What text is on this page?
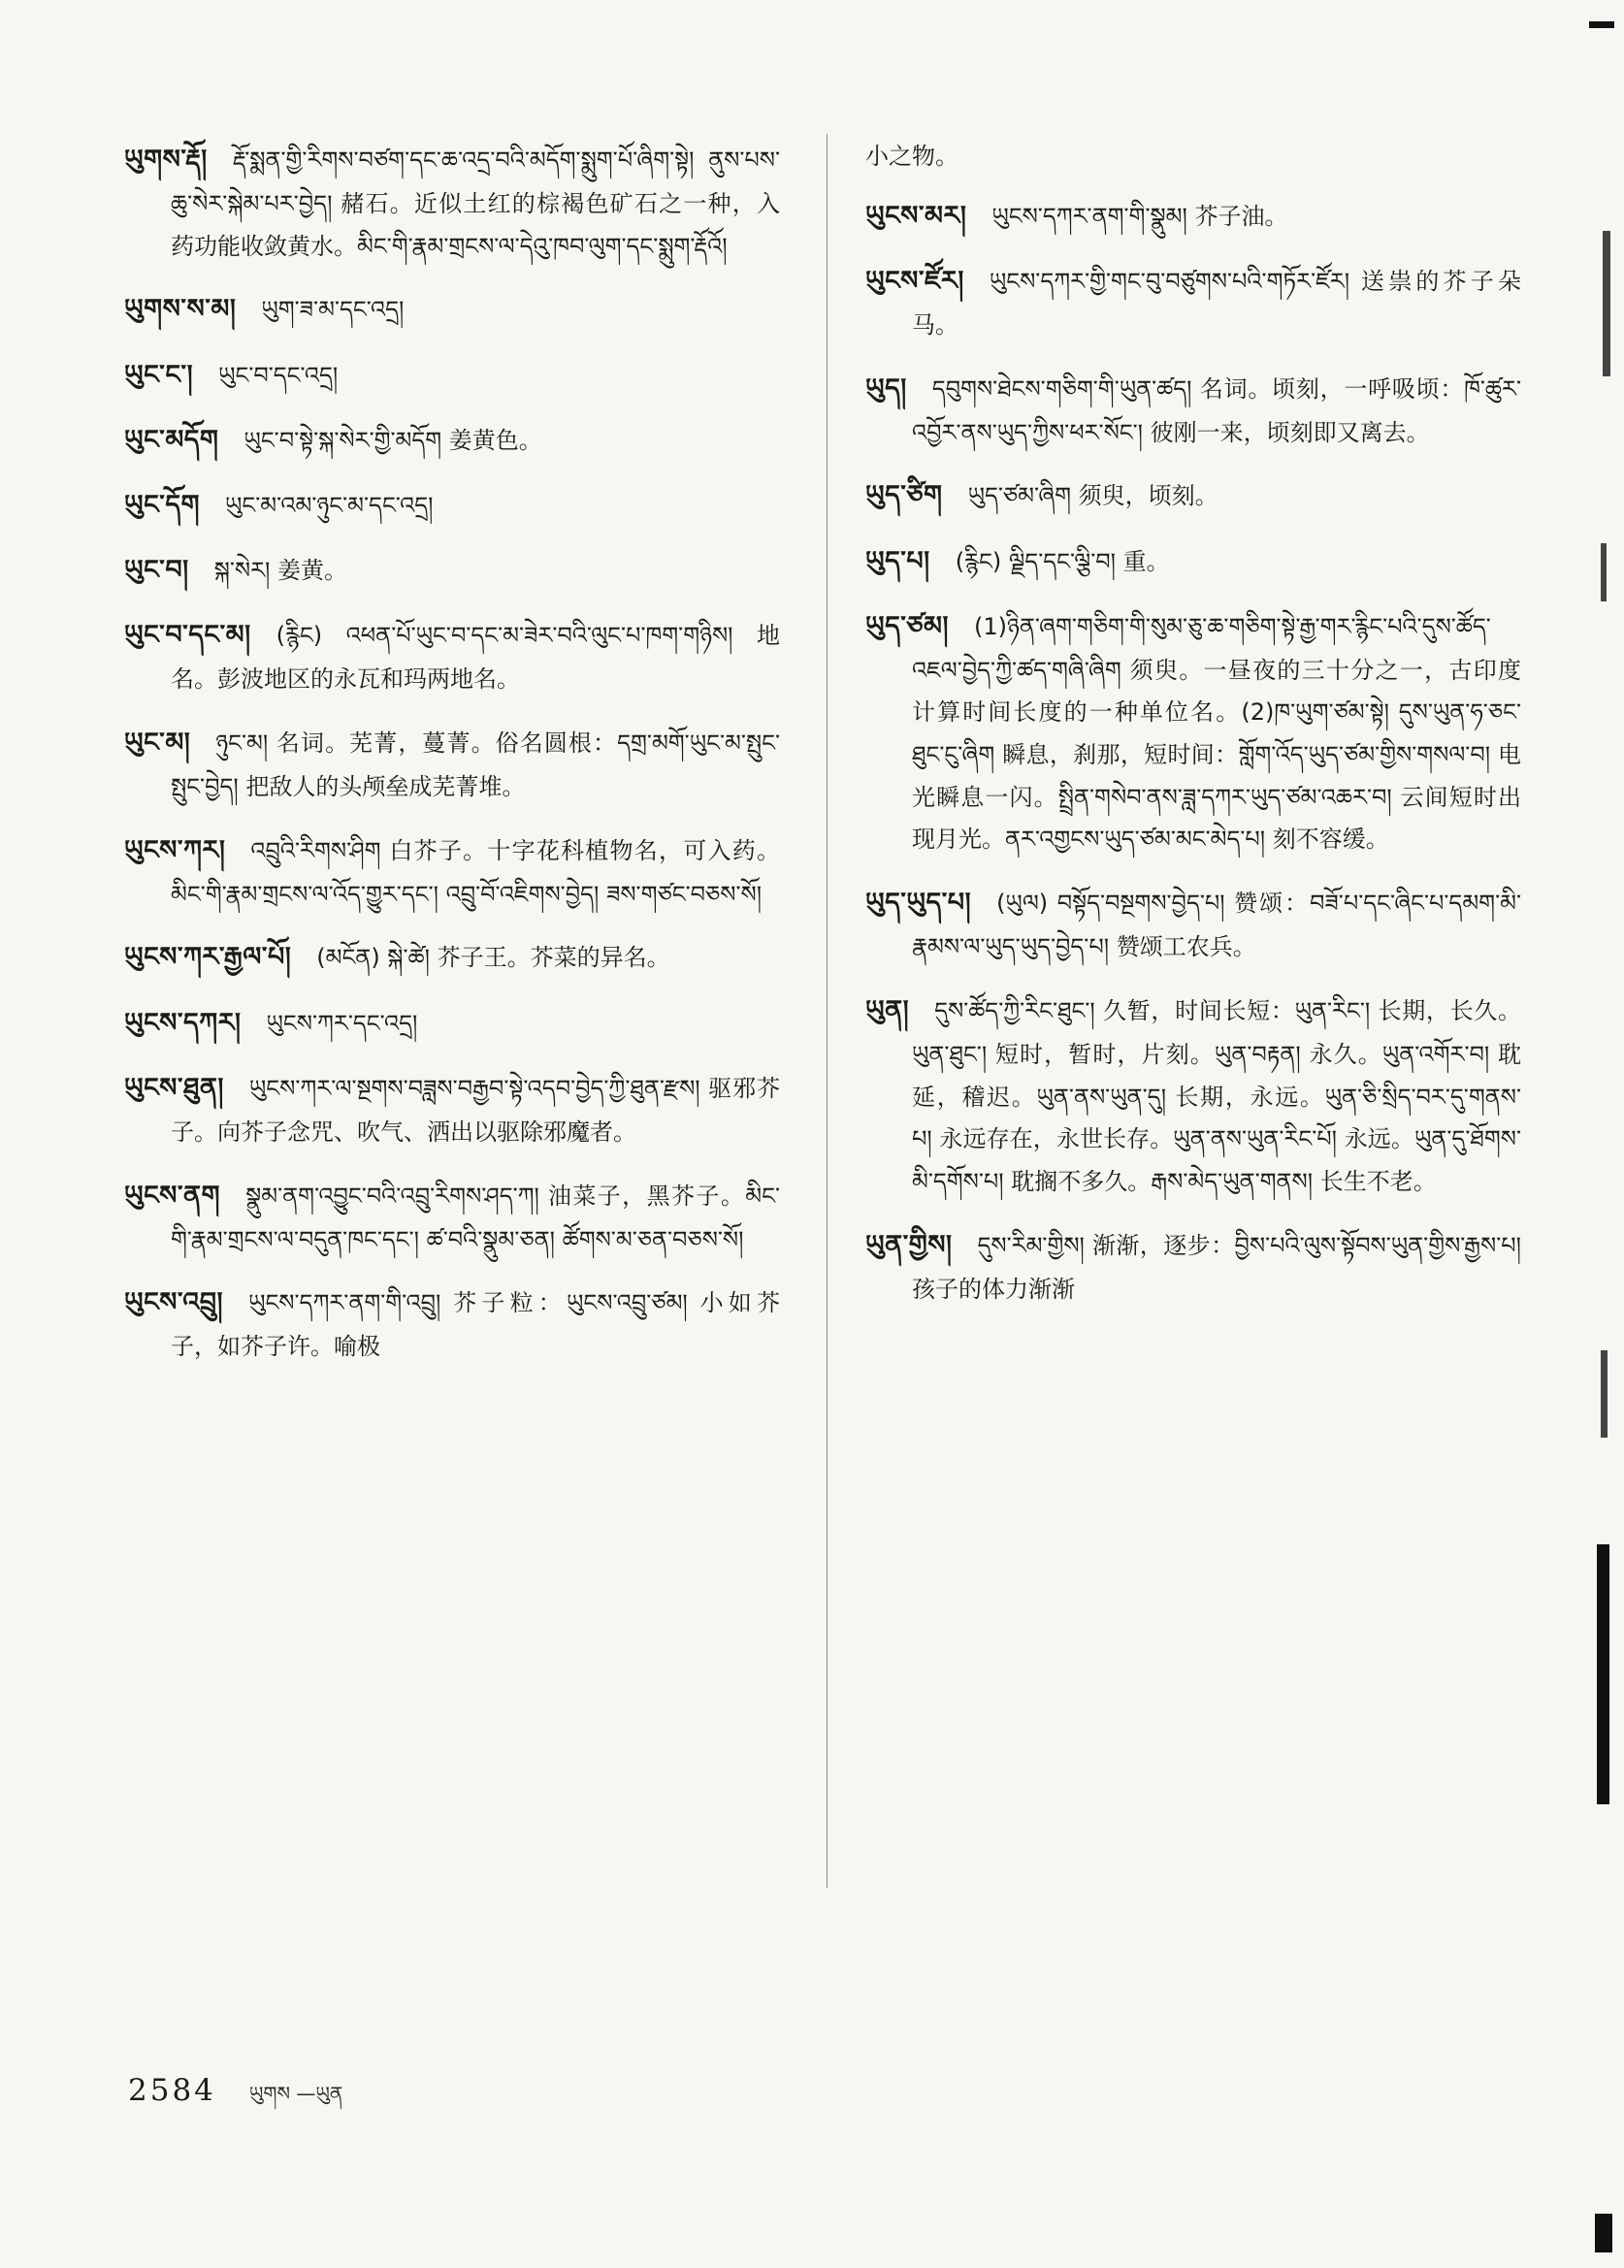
ཡུགས་རྡོ། རྡོ་སྨན་གྱི་རིགས་བཙག་དང་ཆ་འདྲ་བའི་མདོག་སྨུག་པོ་ཞིག་སྟེ། ནུས་པས་ཆུ་སེར་སྐེམ་པར་བྱེད། 赭石。近似土红的棕褐色矿石之一种，入药功能收敛黄水。མིང་གི་རྣམ་གྲངས་ལ་དེའུ་ཁབ་ལུག་དང་སྨུག་རྡོའོ།
ཡུགས་ས་མ། ཡུག་ཟ་མ་དང་འདྲ།
ཡུང་ང་། ཡུང་བ་དང་འདྲ།
ཡུང་མདོག ཡུང་བ་སྟེ་སྐ་སེར་གྱི་མདོག 姜黄色。
ཡུང་དོག ཡུང་མ་འམ་ཉུང་མ་དང་འདྲ།
ཡུང་བ། སྐ་སེར། 姜黄。
ཡུང་བ་དང་མ། (རྙིང) འཕན་པོ་ཡུང་བ་དང་མ་ཟེར་བའི་ལུང་པ་ཁག་གཉིས། 地名。彭波地区的永瓦和玛两地名。
ཡུང་མ། ཉུང་མ། 名词。芜菁，蔓菁。俗名圆根：དགྲ་མགོ་ཡུང་མ་སྤུང་སྤུང་བྱེད། 把敌人的头颅垒成芜菁堆。
ཡུངས་ཀར། འབྲུའི་རིགས་ཤིག 白芥子。十字花科植物名，可入药。མིང་གི་རྣམ་གྲངས་ལ་འོད་གྱུར་དང་། འབྲུ་བོ་འཇིགས་བྱེད། ཟས་གཙང་བཅས་སོ།
ཡུངས་ཀར་རྒྱལ་པོ། (མངོན) སྐེ་ཚེ། 芥子王。芥菜的异名。
ཡུངས་དཀར། ཡུངས་ཀར་དང་འདྲ།
ཡུངས་ཐུན། ཡུངས་ཀར་ལ་སྔགས་བཟླས་བརྒྱབ་སྟེ་འདབ་བྱེད་ཀྱི་ཐུན་རྫས། 驱邪芥子。向芥子念咒、吹气、洒出以驱除邪魔者。
ཡུངས་ནག སྣུམ་ནག་འབྱུང་བའི་འབྲུ་རིགས་ཤད་ཀ། 油菜子，黑芥子。མིང་གི་རྣམ་གྲངས་ལ་བདུན་ཁང་དང་། ཚ་བའི་སྣུམ་ཅན། ཚོགས་མ་ཅན་བཅས་སོ།
ཡུངས་འབྲུ། ཡུངས་དཀར་ནག་གི་འབྲུ། 芥子粒：ཡུངས་འབྲུ་ཙམ། 小如芥子，如芥子许。喻极
小之物。
ཡུངས་མར། ཡུངས་དཀར་ནག་གི་སྣུམ། 芥子油。
ཡུངས་ཛོར། ཡུངས་དཀར་གྱི་གང་བུ་བཙུགས་པའི་གཏོར་ཛོར། 送祟的芥子朵马。
ཡུད། དབུགས་ཐེངས་གཅིག་གི་ཡུན་ཚད། 名词。顷刻，一呼吸顷：ཁོ་ཚུར་འབྱོར་ནས་ཡུད་ཀྱིས་ཕར་སོང་། 彼刚一来，顷刻即又离去。
ཡུད་ཙིག ཡུད་ཙམ་ཞིག 须臾，顷刻。
ཡུད་པ། (རྙིང) ལྗིད་དང་ལྕི་བ། 重。
ཡུད་ཙམ། (1)ཉིན་ཞག་གཅིག་གི་སུམ་ཅུ་ཆ་གཅིག་སྟེ་རྒྱ་གར་རྙིང་པའི་དུས་ཚོད་འཇལ་བྱེད་ཀྱི་ཚད་གཞི་ཞིག 须臾。一昼夜的三十分之一，古印度计算时间长度的一种单位名。(2)ཁ་ཡུག་ཙམ་སྟེ། དུས་ཡུན་ཧ་ཅང་ཐུང་ངུ་ཞིག 瞬息，刹那，短时间：གློག་འོད་ཡུད་ཙམ་གྱིས་གསལ་བ། 电光瞬息一闪。སྤྲིན་གསེབ་ནས་ཟླ་དཀར་ཡུད་ཙམ་འཆར་བ། 云间短时出现月光。ནར་འགྱངས་ཡུད་ཙམ་མང་མེད་པ། 刻不容缓。
ཡུད་ཡུད་པ། (ཡུལ) བསྟོད་བསྔགས་བྱེད་པ། 赞颂：བཟོ་པ་དང་ཞིང་པ་དམག་མི་རྣམས་ལ་ཡུད་ཡུད་བྱེད་པ། 赞颂工农兵。
ཡུན། དུས་ཚོད་ཀྱི་རིང་ཐུང་། 久暂，时间长短：ཡུན་རིང་། 长期，长久。ཡུན་ཐུང་། 短时，暂时，片刻。ཡུན་བརྟན། 永久。ཡུན་འགོར་བ། 耽延，稽迟。ཡུན་ནས་ཡུན་དུ། 长期，永远。ཡུན་ཅི་སྲིད་བར་དུ་གནས་པ། 永远存在，永世长存。ཡུན་ནས་ཡུན་རིང་པོ། 永远。ཡུན་དུ་ཐོགས་མི་དགོས་པ། 耽搁不多久。རྒས་མེད་ཡུན་གནས། 长生不老。
ཡུན་གྱིས། དུས་རིམ་གྱིས། 渐渐，逐步：བྱིས་པའི་ལུས་སྟོབས་ཡུན་གྱིས་རྒྱས་པ། 孩子的体力渐渐
2584 ཡུགས —ཡུན
